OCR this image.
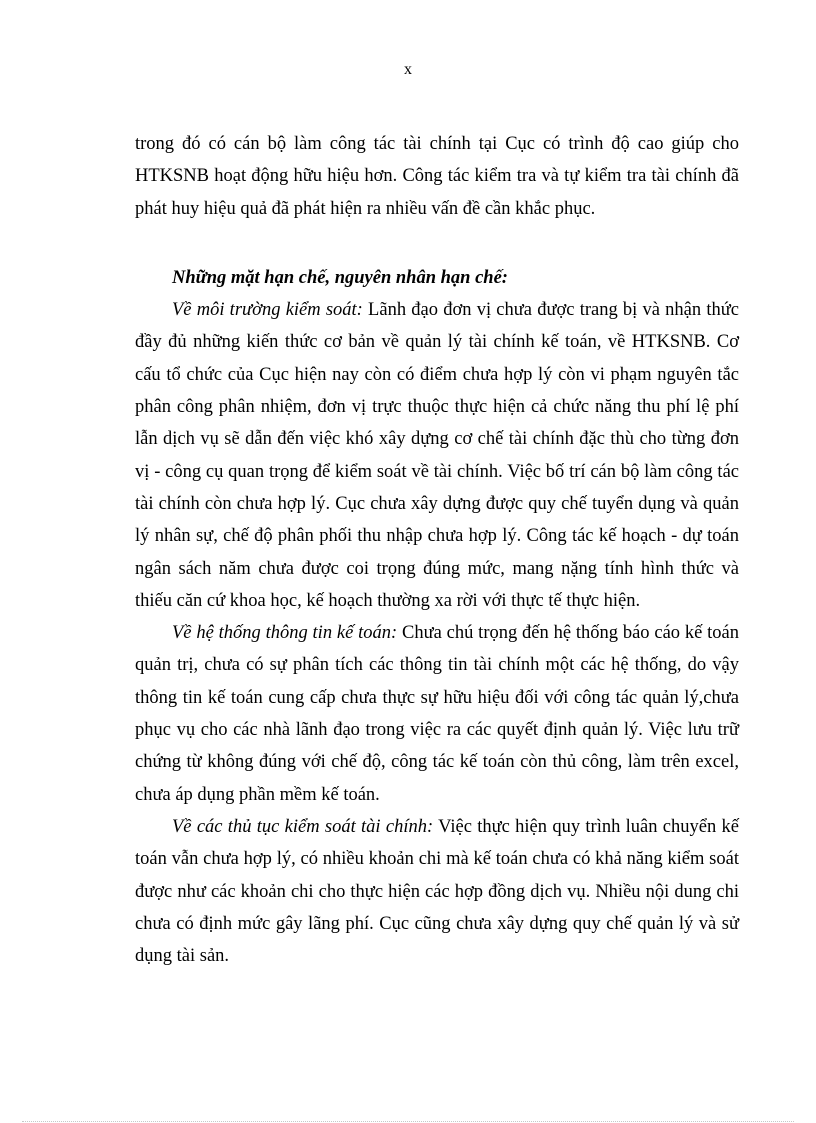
x

trong đó có cán bộ làm công tác tài chính tại Cục có trình độ cao giúp cho HTKSNB hoạt động hữu hiệu hơn. Công tác kiểm tra và tự kiểm tra tài chính đã phát huy hiệu quả đã phát hiện ra nhiều vấn đề cần khắc phục.

Những mặt hạn chế, nguyên nhân hạn chế:

Về môi trường kiểm soát: Lãnh đạo đơn vị chưa được trang bị và nhận thức đầy đủ những kiến thức cơ bản về quản lý tài chính kế toán, về HTKSNB. Cơ cấu tổ chức của Cục hiện nay còn có điểm chưa hợp lý còn vi phạm nguyên tắc phân công phân nhiệm, đơn vị trực thuộc thực hiện cả chức năng thu phí lệ phí lẫn dịch vụ sẽ dẫn đến việc khó xây dựng cơ chế tài chính đặc thù cho từng đơn vị - công cụ quan trọng để kiểm soát về tài chính. Việc bố trí cán bộ làm công tác tài chính còn chưa hợp lý. Cục chưa xây dựng được quy chế tuyển dụng và quản lý nhân sự, chế độ phân phối thu nhập chưa hợp lý. Công tác kế hoạch - dự toán ngân sách năm chưa được coi trọng đúng mức, mang nặng tính hình thức và thiếu căn cứ khoa học, kế hoạch thường xa rời với thực tế thực hiện.

Về hệ thống thông tin kế toán: Chưa chú trọng đến hệ thống báo cáo kế toán quản trị, chưa có sự phân tích các thông tin tài chính một các hệ thống, do vậy thông tin kế toán cung cấp chưa thực sự hữu hiệu đối với công tác quản lý,chưa phục vụ cho các nhà lãnh đạo trong việc ra các quyết định quản lý. Việc lưu trữ chứng từ không đúng với chế độ, công tác kế toán còn thủ công, làm trên excel, chưa áp dụng phần mềm kế toán.

Về các thủ tục kiểm soát tài chính: Việc thực hiện quy trình luân chuyển kế toán vẫn chưa hợp lý, có nhiều khoản chi mà kế toán chưa có khả năng kiểm soát được như các khoản chi cho thực hiện các hợp đồng dịch vụ. Nhiều nội dung chi chưa có định mức gây lãng phí. Cục cũng chưa xây dựng quy chế quản lý và sử dụng tài sản.
